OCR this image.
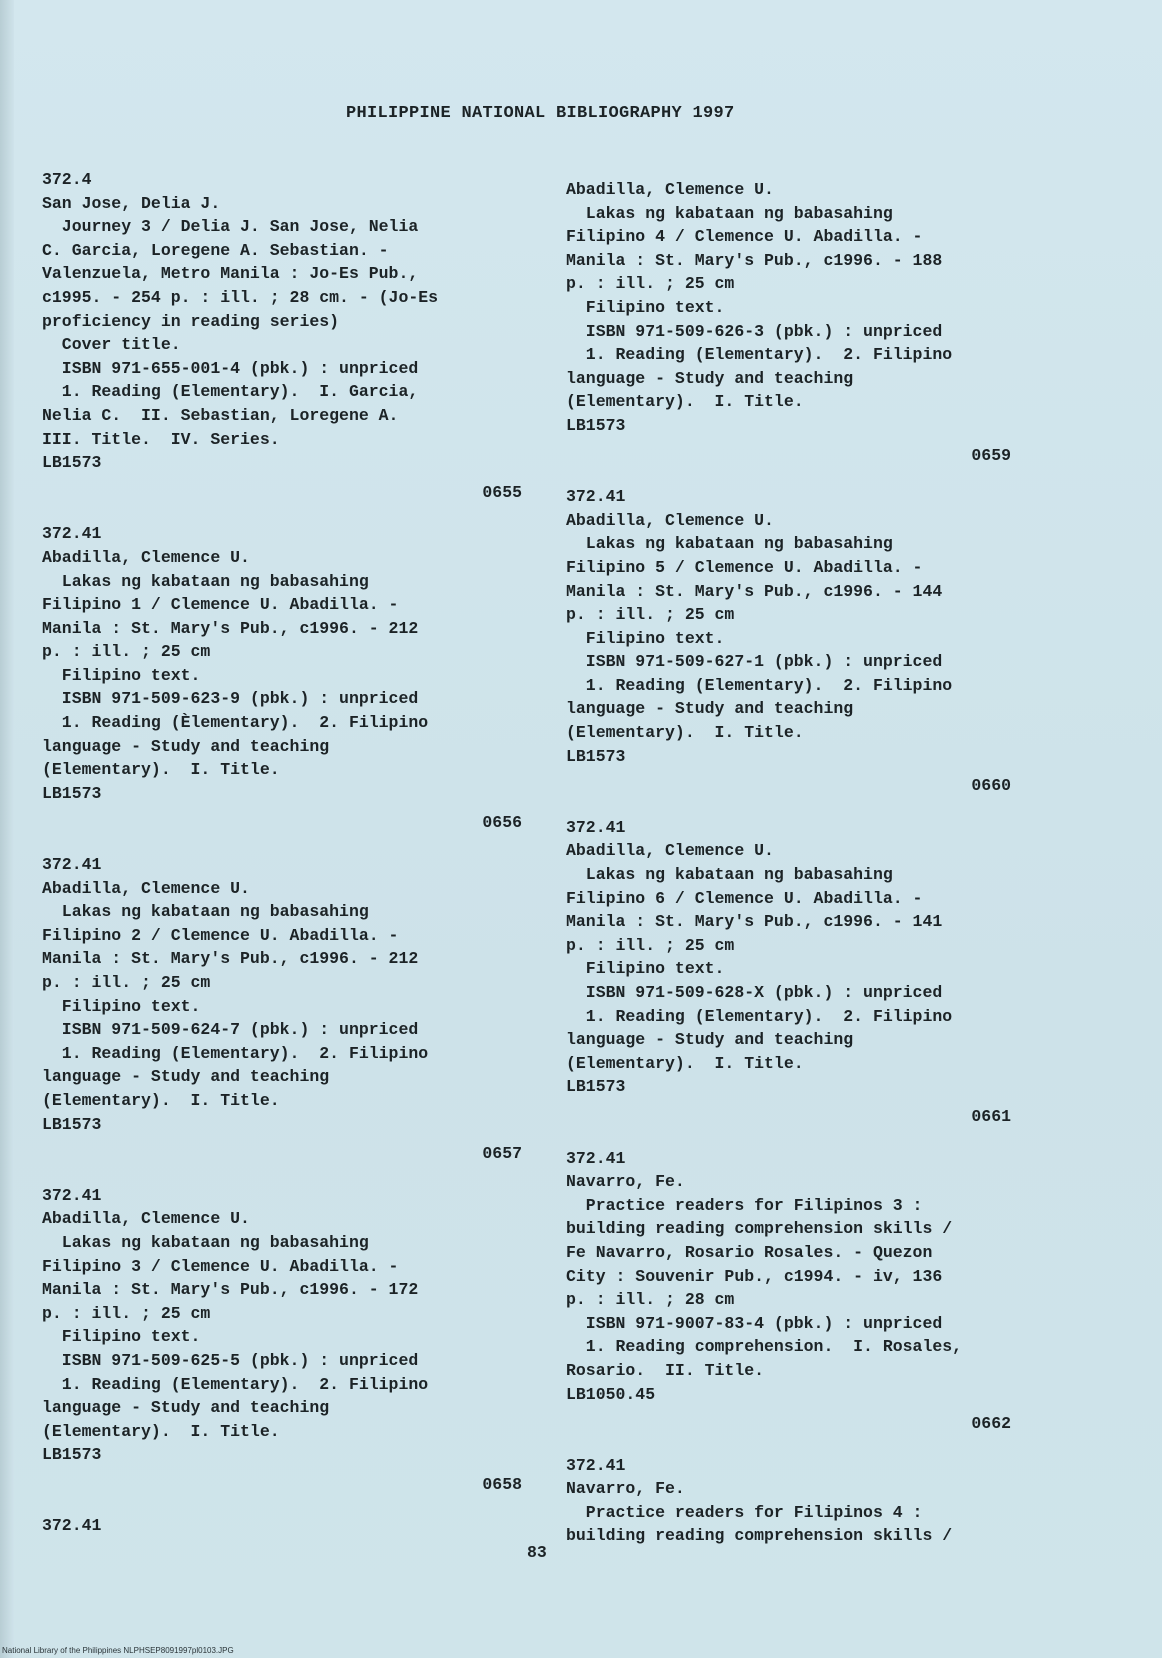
PHILIPPINE NATIONAL BIBLIOGRAPHY 1997
372.4
San Jose, Delia J.
Journey 3 / Delia J. San Jose, Nelia
C. Garcia, Loregene A. Sebastian. -
Valenzuela, Metro Manila : Jo-Es Pub.,
c1995. - 254 p. : ill. ; 28 cm. - (Jo-Es
proficiency in reading series)
Cover title.
ISBN 971-655-001-4 (pbk.) : unpriced
1. Reading (Elementary).  I. Garcia,
Nelia C.  II. Sebastian, Loregene A.
III. Title.  IV. Series.
LB1573
0655
372.41
Abadilla, Clemence U.
Lakas ng kabataan ng babasahing
Filipino 1 / Clemence U. Abadilla. -
Manila : St. Mary's Pub., c1996. - 212
p. : ill. ; 25 cm
Filipino text.
ISBN 971-509-623-9 (pbk.) : unpriced
1. Reading (Èlementary).  2. Filipino
language - Study and teaching
(Elementary).  I. Title.
LB1573
0656
372.41
Abadilla, Clemence U.
Lakas ng kabataan ng babasahing
Filipino 2 / Clemence U. Abadilla. -
Manila : St. Mary's Pub., c1996. - 212
p. : ill. ; 25 cm
Filipino text.
ISBN 971-509-624-7 (pbk.) : unpriced
1. Reading (Elementary).  2. Filipino
language - Study and teaching
(Elementary).  I. Title.
LB1573
0657
372.41
Abadilla, Clemence U.
Lakas ng kabataan ng babasahing
Filipino 3 / Clemence U. Abadilla. -
Manila : St. Mary's Pub., c1996. - 172
p. : ill. ; 25 cm
Filipino text.
ISBN 971-509-625-5 (pbk.) : unpriced
1. Reading (Elementary).  2. Filipino
language - Study and teaching
(Elementary).  I. Title.
LB1573
0658
372.41
Abadilla, Clemence U.
Lakas ng kabataan ng babasahing
Filipino 4 / Clemence U. Abadilla. -
Manila : St. Mary's Pub., c1996. - 188
p. : ill. ; 25 cm
Filipino text.
ISBN 971-509-626-3 (pbk.) : unpriced
1. Reading (Elementary).  2. Filipino
language - Study and teaching
(Elementary).  I. Title.
LB1573
0659
372.41
Abadilla, Clemence U.
Lakas ng kabataan ng babasahing
Filipino 5 / Clemence U. Abadilla. -
Manila : St. Mary's Pub., c1996. - 144
p. : ill. ; 25 cm
Filipino text.
ISBN 971-509-627-1 (pbk.) : unpriced
1. Reading (Elementary).  2. Filipino
language - Study and teaching
(Elementary).  I. Title.
LB1573
0660
372.41
Abadilla, Clemence U.
Lakas ng kabataan ng babasahing
Filipino 6 / Clemence U. Abadilla. -
Manila : St. Mary's Pub., c1996. - 141
p. : ill. ; 25 cm
Filipino text.
ISBN 971-509-628-X (pbk.) : unpriced
1. Reading (Elementary).  2. Filipino
language - Study and teaching
(Elementary).  I. Title.
LB1573
0661
372.41
Navarro, Fe.
Practice readers for Filipinos 3 :
building reading comprehension skills /
Fe Navarro, Rosario Rosales. - Quezon
City : Souvenir Pub., c1994. - iv, 136
p. : ill. ; 28 cm
ISBN 971-9007-83-4 (pbk.) : unpriced
1. Reading comprehension.  I. Rosales,
Rosario.  II. Title.
LB1050.45
0662
372.41
Navarro, Fe.
Practice readers for Filipinos 4 :
building reading comprehension skills /
83
National Library of the Philippines NLPHSEP8091997pl0103.JPG
